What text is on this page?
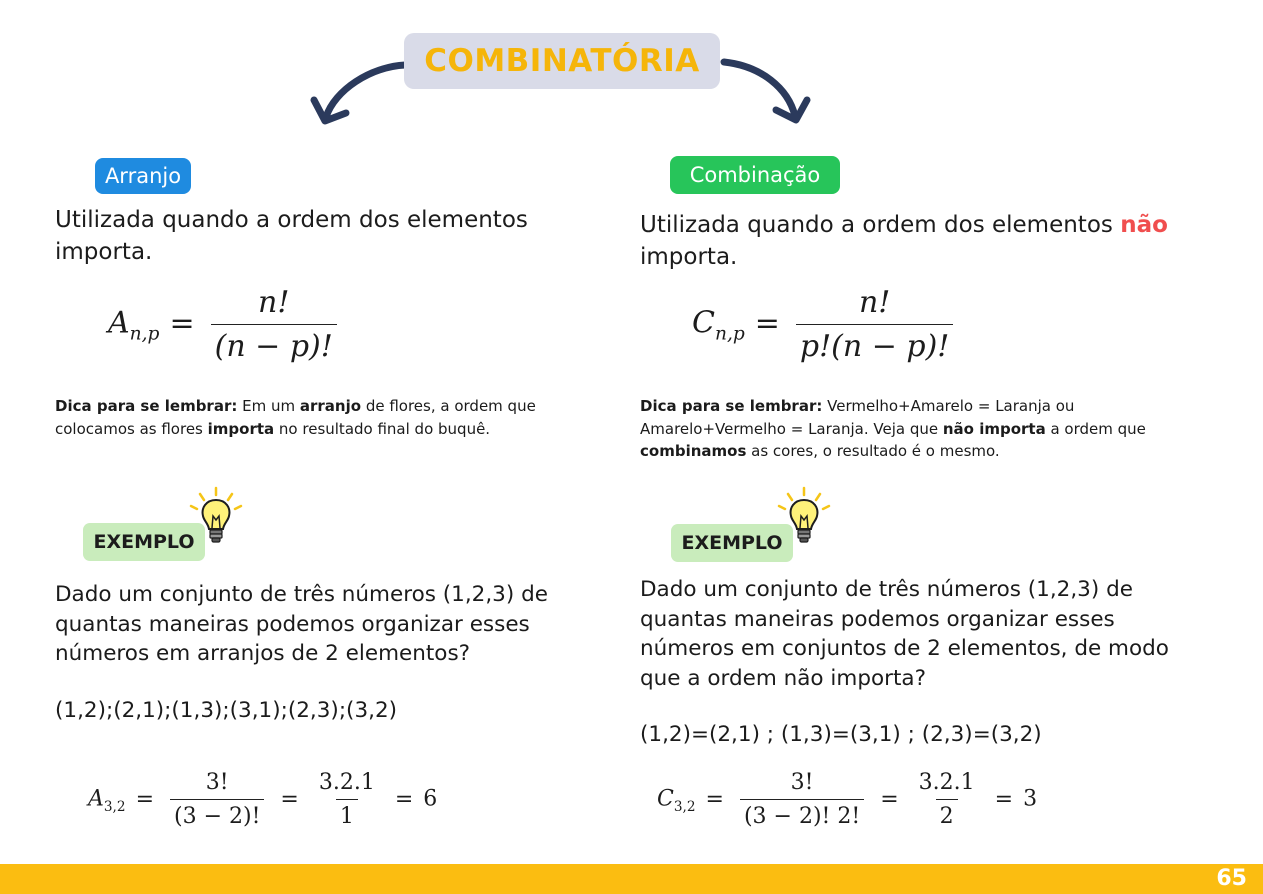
COMBINATÓRIA
Arranjo
Utilizada quando a ordem dos elementos importa.
$A_{n,p} = \frac{n!}{(n - p)!}$
Dica para se lembrar: Em um arranjo de flores, a ordem que colocamos as flores importa no resultado final do buquê.
EXEMPLO
Dado um conjunto de três números (1,2,3) de quantas maneiras podemos organizar esses números em arranjos de 2 elementos?
(1,2);(2,1);(1,3);(3,1);(2,3);(3,2)
$A_{3,2} = \frac{3!}{(3 - 2)!} = \frac{3.2.1}{1} = 6$
Combinação
Utilizada quando a ordem dos elementos não importa.
$C_{n,p} = \frac{n!}{p!(n - p)!}$
Dica para se lembrar: Vermelho+Amarelo = Laranja ou Amarelo+Vermelho = Laranja. Veja que não importa a ordem que combinamos as cores, o resultado é o mesmo.
EXEMPLO
Dado um conjunto de três números (1,2,3) de quantas maneiras podemos organizar esses números em conjuntos de 2 elementos, de modo que a ordem não importa?
(1,2)=(2,1) ; (1,3)=(3,1) ; (2,3)=(3,2)
$C_{3,2} = \frac{3!}{(3 - 2)! 2!} = \frac{3.2.1}{2} = 3$
65
